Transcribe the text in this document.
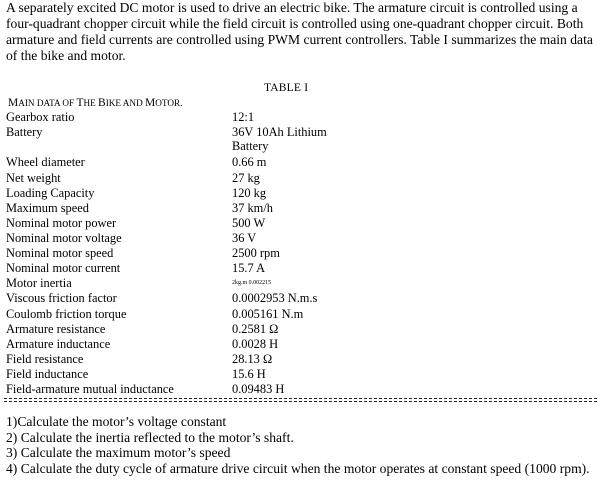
A separately excited DC motor is used to drive an electric bike. The armature circuit is controlled using a four-quadrant chopper circuit while the field circuit is controlled using one-quadrant chopper circuit. Both armature and field currents are controlled using PWM current controllers. Table I summarizes the main data of the bike and motor.
TABLE I
MAIN DATA OF THE BIKE AND MOTOR.
Gearbox ratio	12:1
Battery	36V 10Ah Lithium Battery
Wheel diameter	0.66 m
Net weight	27 kg
Loading Capacity	120 kg
Maximum speed	37 km/h
Nominal motor power	500 W
Nominal motor voltage	36 V
Nominal motor speed	2500 rpm
Nominal motor current	15.7 A
Motor inertia	2kg.m 0.002215
Viscous friction factor	0.0002953 N.m.s
Coulomb friction torque	0.005161 N.m
Armature resistance	0.2581 Ω
Armature inductance	0.0028 H
Field resistance	28.13 Ω
Field inductance	15.6 H
Field-armature mutual inductance	0.09483 H
1)Calculate the motor’s voltage constant
2) Calculate the inertia reflected to the motor’s shaft.
3) Calculate the maximum motor’s speed
4) Calculate the duty cycle of armature drive circuit when the motor operates at constant speed (1000 rpm).
